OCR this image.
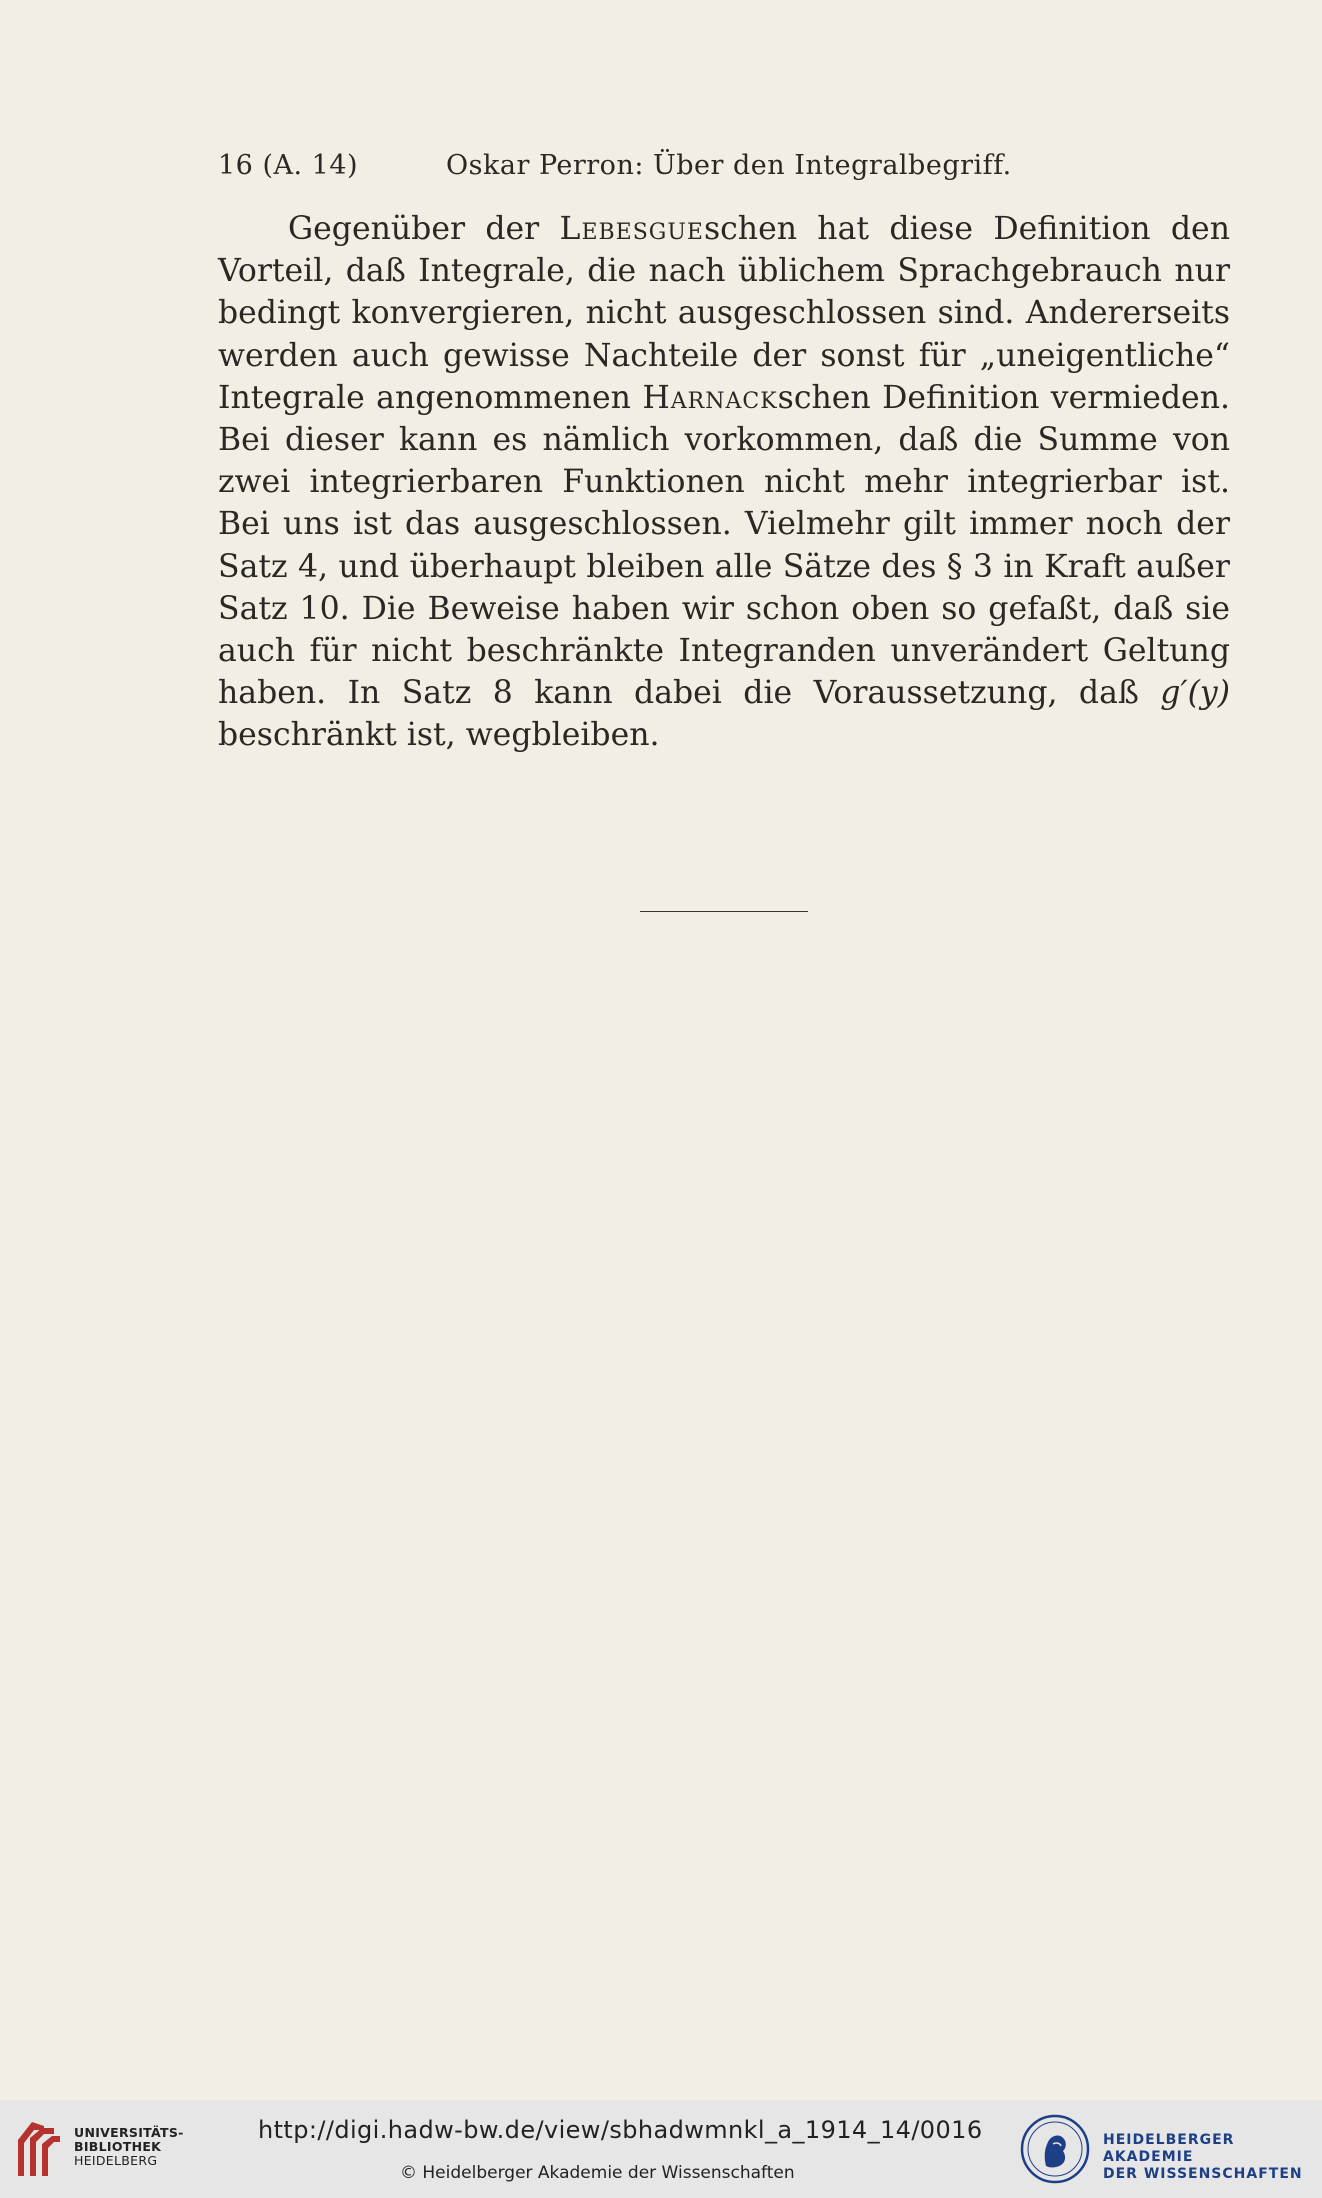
16 (A. 14)	Oskar Perron: Über den Integralbegriff.

Gegenüber der Lebesgueschen hat diese Definition den Vorteil, daß Integrale, die nach üblichem Sprachgebrauch nur bedingt konvergieren, nicht ausgeschlossen sind. Andererseits werden auch gewisse Nachteile der sonst für „uneigentliche“ Integrale angenommenen Harnackschen Definition vermieden. Bei dieser kann es nämlich vorkommen, daß die Summe von zwei integrierbaren Funktionen nicht mehr integrierbar ist. Bei uns ist das ausgeschlossen. Vielmehr gilt immer noch der Satz 4, und überhaupt bleiben alle Sätze des § 3 in Kraft außer Satz 10. Die Beweise haben wir schon oben so gefaßt, daß sie auch für nicht beschränkte Integranden unverändert Geltung haben. In Satz 8 kann dabei die Voraussetzung, daß g′(y) beschränkt ist, wegbleiben.

UNIVERSITÄTS-
BIBLIOTHEK
HEIDELBERG
http://digi.hadw-bw.de/view/sbhadwmnkl_a_1914_14/0016
© Heidelberger Akademie der Wissenschaften
HEIDELBERGER AKADEMIE
DER WISSENSCHAFTEN
